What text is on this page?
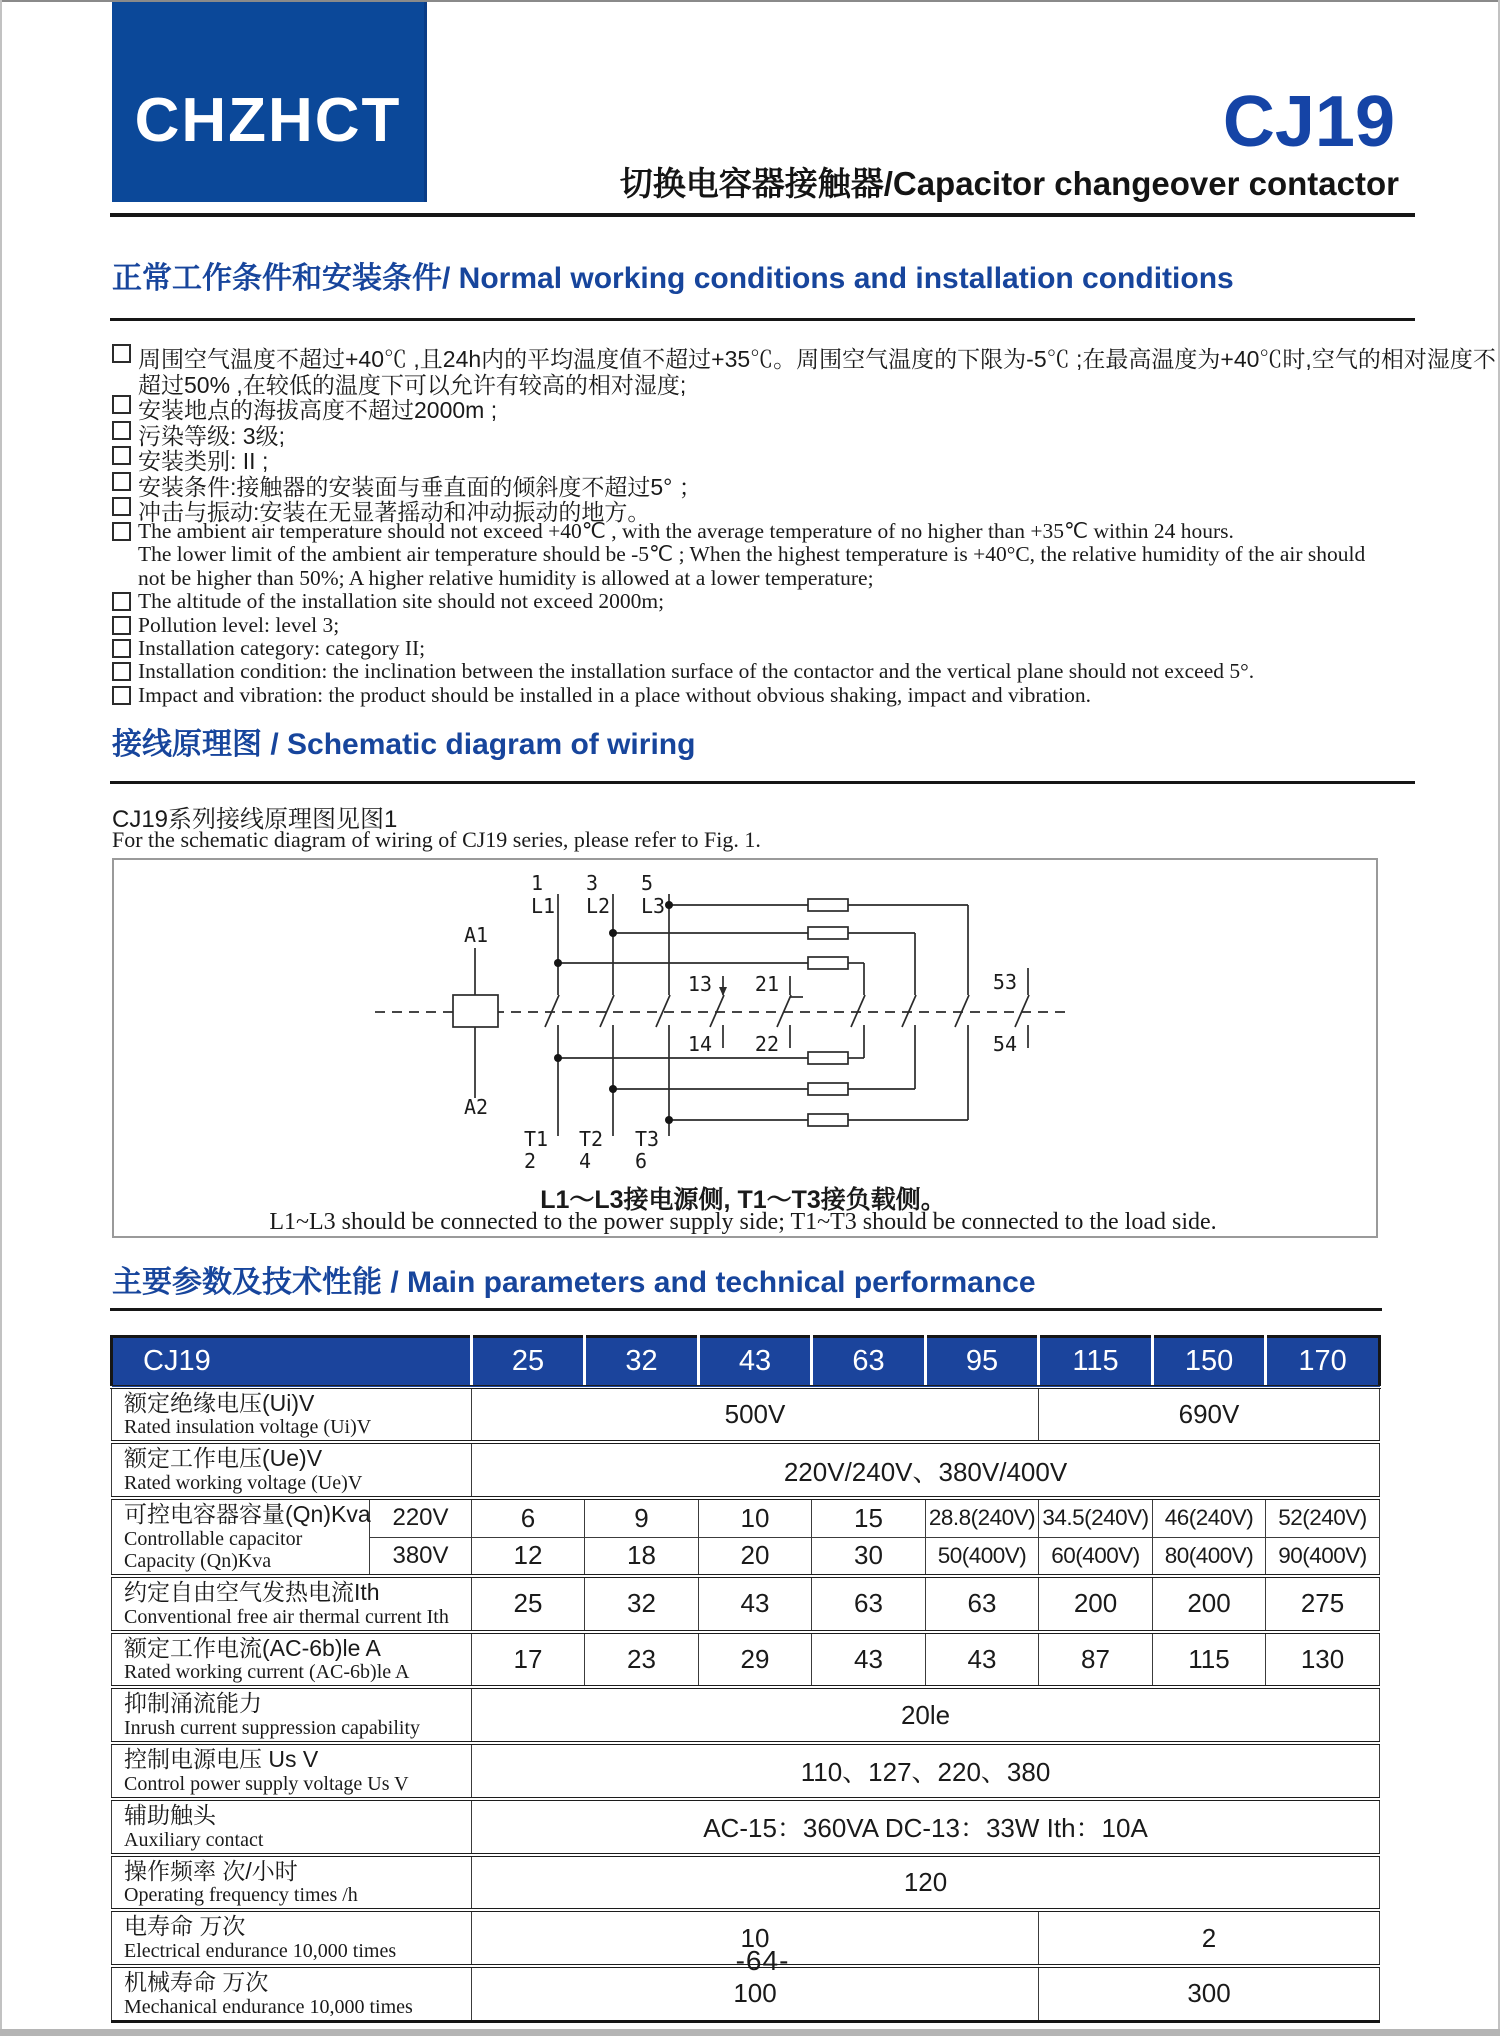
CHZHCT	CJ19
切换电容器接触器/Capacitor changeover contactor
正常工作条件和安装条件/ Normal working conditions and installation conditions
周围空气温度不超过+40℃ ,且24h内的平均温度值不超过+35℃。周围空气温度的下限为-5℃ ;在最高温度为+40℃时,空气的相对湿度不
超过50% ,在较低的温度下可以允许有较高的相对湿度;
安装地点的海拔高度不超过2000m ;
污染等级: 3级;
安装类别: II ;
安装条件:接触器的安装面与垂直面的倾斜度不超过5° ；
冲击与振动:安装在无显著摇动和冲动振动的地方。
The ambient air temperature should not exceed +40℃ , with the average temperature of no higher than +35℃ within 24 hours.
The lower limit of the ambient air temperature should be -5℃ ; When the highest temperature is +40°C, the relative humidity of the air should
not be higher than 50%; A higher relative humidity is allowed at a lower temperature;
The altitude of the installation site should not exceed 2000m;
Pollution level: level 3;
Installation category: category II;
Installation condition: the inclination between the installation surface of the contactor and the vertical plane should not exceed 5°.
Impact and vibration: the product should be installed in a place without obvious shaking, impact and vibration.
接线原理图 / Schematic diagram of wiring
CJ19系列接线原理图见图1
For the schematic diagram of wiring of CJ19 series, please refer to Fig. 1.
1 3 5
L1 L2 L3
A1
A2
13 21	53
14 22	54
T1 T2 T3
2 4 6
L1～L3接电源侧, T1～T3接负载侧。
L1~L3 should be connected to the power supply side; T1~T3 should be connected to the load side.
主要参数及技术性能 / Main parameters and technical performance
CJ19		25	32	43	63	95	115	150	170

额定绝缘电压(Ui)V
Rated insulation voltage (Ui)V		500V					690V		

额定工作电压(Ue)V
Rated working voltage (Ue)V		220V/240V、380V/400V							

可控电容器容量(Qn)Kva
Controllable capacitor
Capacity (Qn)Kva	220V	6	9	10	15	28.8(240V)	34.5(240V)	46(240V)	52(240V)
	380V	12	18	20	30	50(400V)	60(400V)	80(400V)	90(400V)

约定自由空气发热电流Ith
Conventional free air thermal current Ith		25	32	43	63	63	200	200	275

额定工作电流(AC-6b)le A
Rated working current (AC-6b)le A		17	23	29	43	43	87	115	130

抑制涌流能力
Inrush current suppression capability		20le							

控制电源电压 Us V
Control power supply voltage Us V		110、127、220、380							

辅助触头
Auxiliary contact		AC-15：360VA DC-13：33W Ith：10A							

操作频率 次/小时
Operating frequency times /h		120							

电寿命 万次
Electrical endurance 10,000 times		10					2		

机械寿命 万次
Mechanical endurance 10,000 times		100					300		
-64-
